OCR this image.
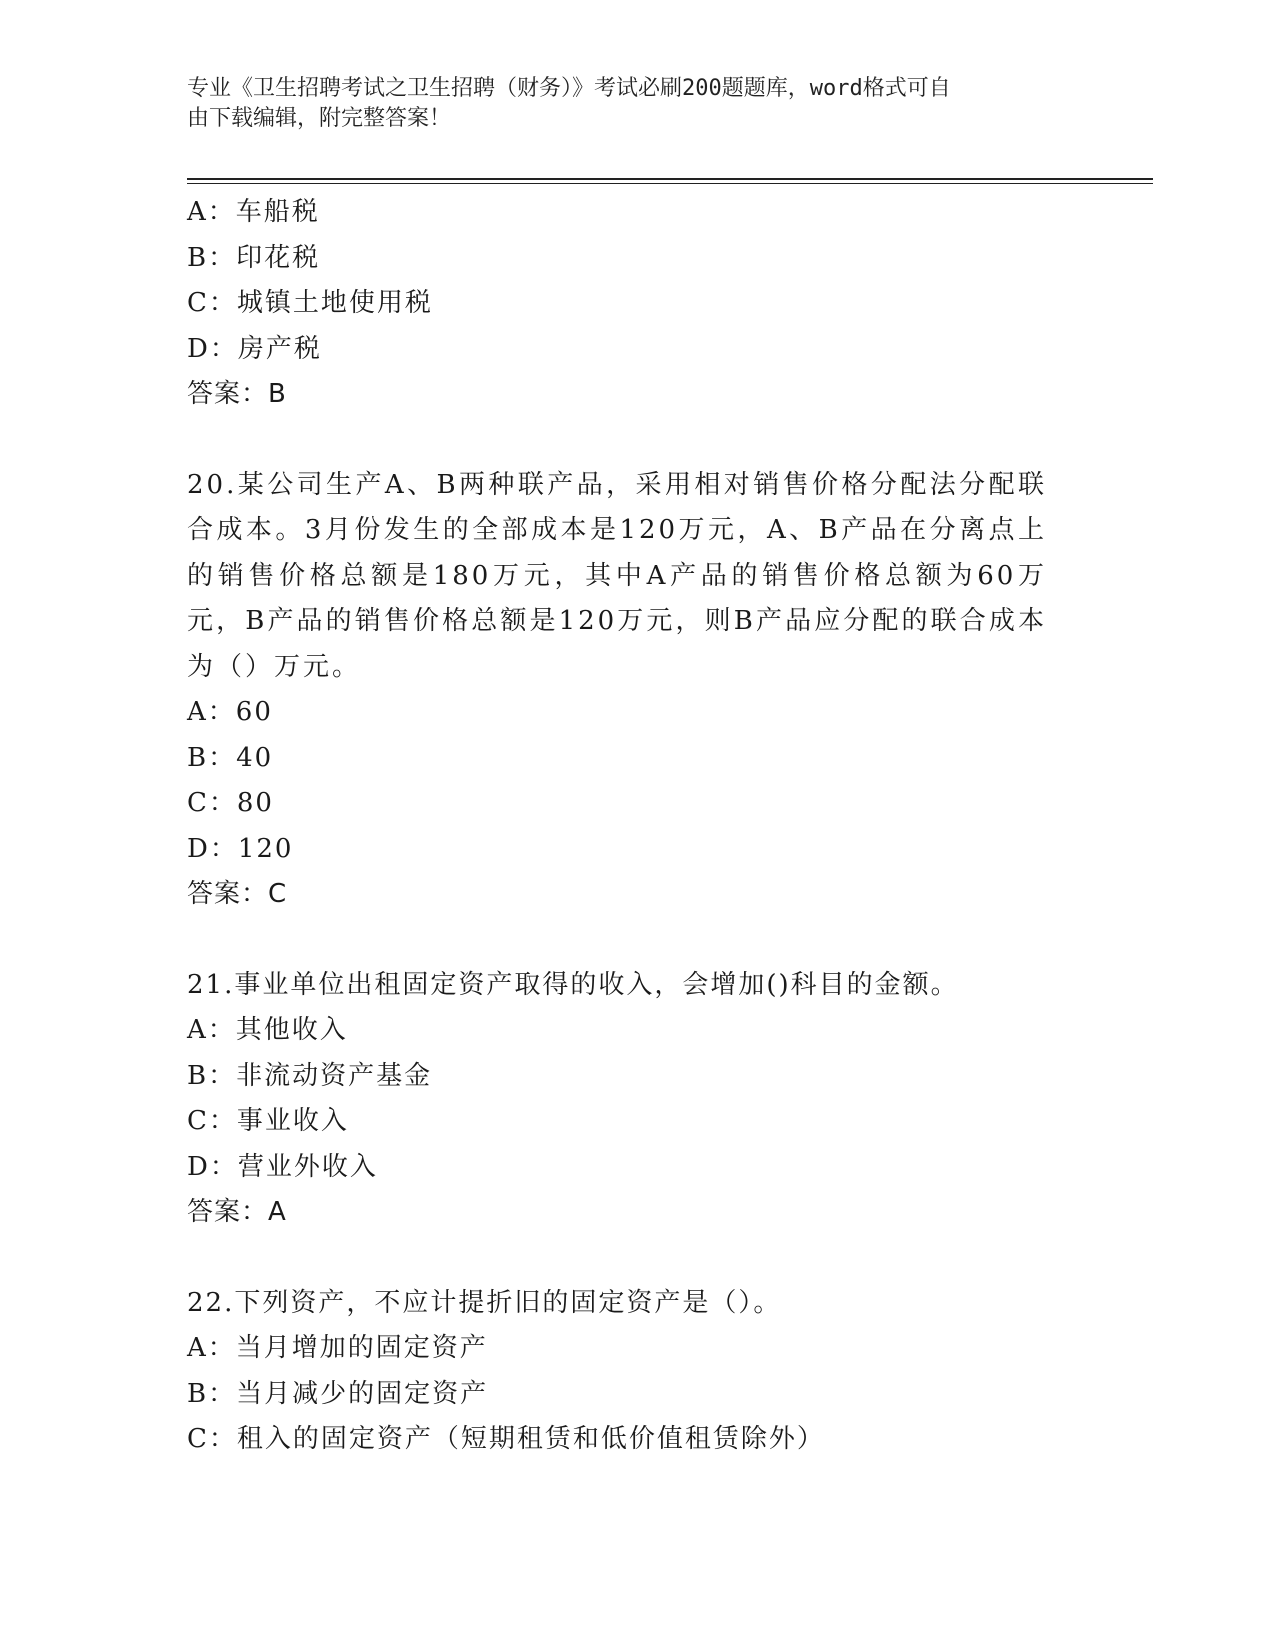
专业《卫生招聘考试之卫生招聘（财务）》考试必刷200题题库，word格式可自
由下载编辑，附完整答案！
A：车船税
B：印花税
C：城镇土地使用税
D：房产税
答案：B
20.某公司生产A、B两种联产品，采用相对销售价格分配法分配联合成本。3月份发生的全部成本是120万元，A、B产品在分离点上的销售价格总额是180万元，其中A产品的销售价格总额为60万元，B产品的销售价格总额是120万元，则B产品应分配的联合成本为（）万元。
A：60
B：40
C：80
D：120
答案：C
21.事业单位出租固定资产取得的收入，会增加()科目的金额。
A：其他收入
B：非流动资产基金
C：事业收入
D：营业外收入
答案：A
22.下列资产，不应计提折旧的固定资产是（）。
A：当月增加的固定资产
B：当月减少的固定资产
C：租入的固定资产（短期租赁和低价值租赁除外）
